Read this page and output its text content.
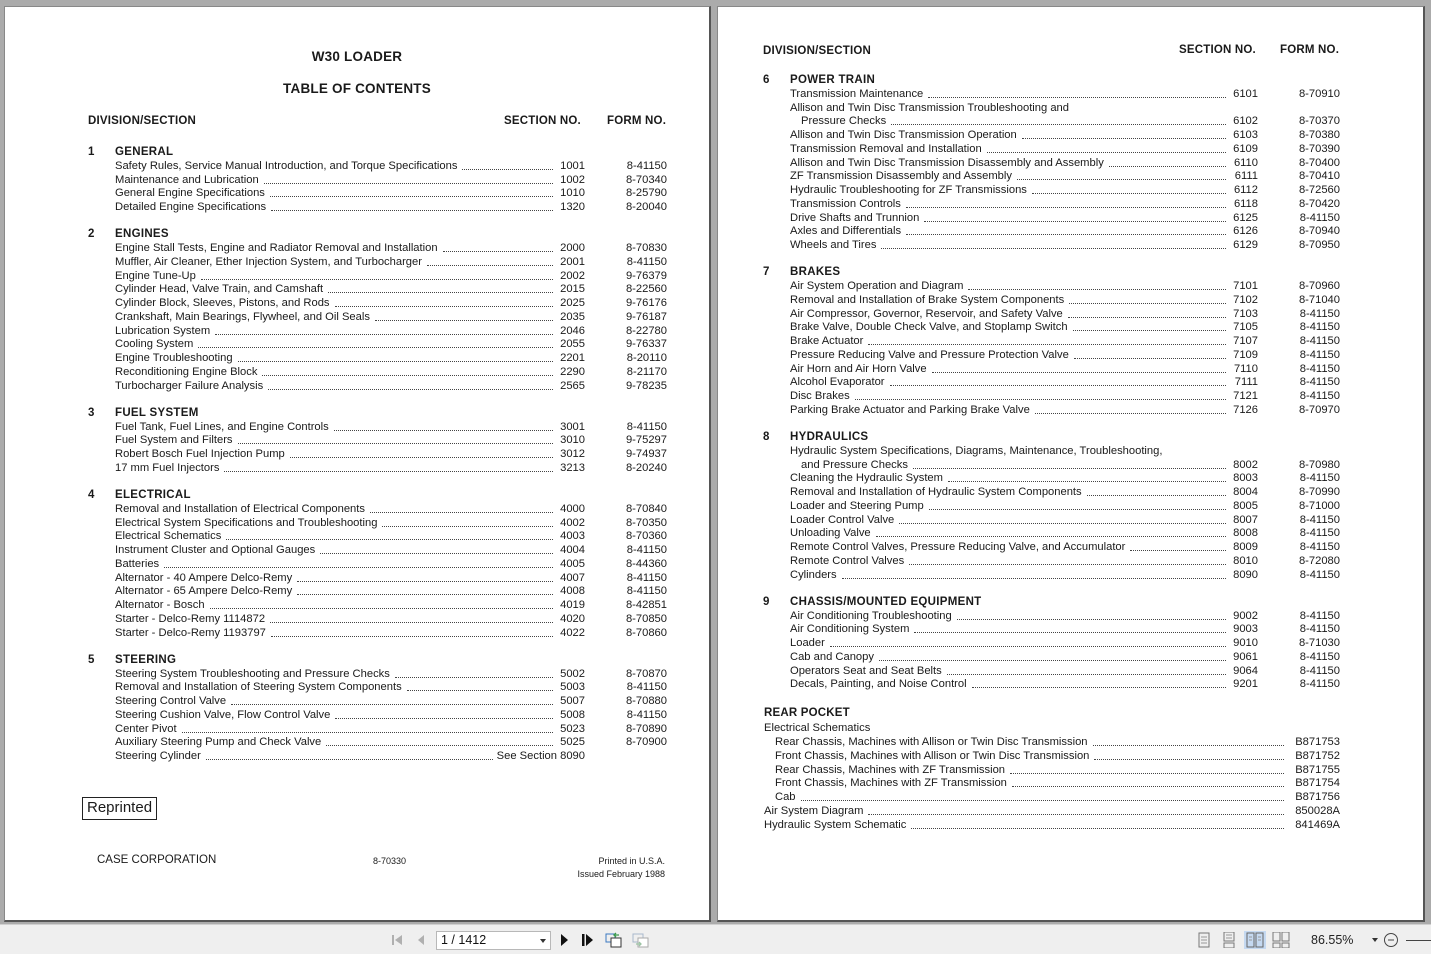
W30 LOADER
TABLE OF CONTENTS
DIVISION/SECTION	SECTION NO. FORM NO.
1 GENERAL
Safety Rules, Service Manual Introduction, and Torque Specifications	1001	8-41150
Maintenance and Lubrication	1002	8-70340
General Engine Specifications	1010	8-25790
Detailed Engine Specifications	1320	8-20040
2 ENGINES
Engine Stall Tests, Engine and Radiator Removal and Installation	2000	8-70830
Muffler, Air Cleaner, Ether Injection System, and Turbocharger	2001	8-41150
Engine Tune-Up	2002	9-76379
Cylinder Head, Valve Train, and Camshaft	2015	8-22560
Cylinder Block, Sleeves, Pistons, and Rods	2025	9-76176
Crankshaft, Main Bearings, Flywheel, and Oil Seals	2035	9-76187
Lubrication System	2046	8-22780
Cooling System	2055	9-76337
Engine Troubleshooting	2201	8-20110
Reconditioning Engine Block	2290	8-21170
Turbocharger Failure Analysis	2565	9-78235
3 FUEL SYSTEM
Fuel Tank, Fuel Lines, and Engine Controls	3001	8-41150
Fuel System and Filters	3010	9-75297
Robert Bosch Fuel Injection Pump	3012	9-74937
17 mm Fuel Injectors	3213	8-20240
4 ELECTRICAL
Removal and Installation of Electrical Components	4000	8-70840
Electrical System Specifications and Troubleshooting	4002	8-70350
Electrical Schematics	4003	8-70360
Instrument Cluster and Optional Gauges	4004	8-41150
Batteries	4005	8-44360
Alternator - 40 Ampere Delco-Remy	4007	8-41150
Alternator - 65 Ampere Delco-Remy	4008	8-41150
Alternator - Bosch	4019	8-42851
Starter - Delco-Remy 1114872	4020	8-70850
Starter - Delco-Remy 1193797	4022	8-70860
5 STEERING
Steering System Troubleshooting and Pressure Checks	5002	8-70870
Removal and Installation of Steering System Components	5003	8-41150
Steering Control Valve	5007	8-70880
Steering Cushion Valve, Flow Control Valve	5008	8-41150
Center Pivot	5023	8-70890
Auxiliary Steering Pump and Check Valve	5025	8-70900
Steering Cylinder	See Section 8090
Reprinted
CASE CORPORATION	8-70330	Printed in U.S.A.
Issued February 1988
DIVISION/SECTION	SECTION NO. FORM NO.
6 POWER TRAIN
Transmission Maintenance	6101	8-70910
Allison and Twin Disc Transmission Troubleshooting and
Pressure Checks	6102	8-70370
Allison and Twin Disc Transmission Operation	6103	8-70380
Transmission Removal and Installation	6109	8-70390
Allison and Twin Disc Transmission Disassembly and Assembly	6110	8-70400
ZF Transmission Disassembly and Assembly	6111	8-70410
Hydraulic Troubleshooting for ZF Transmissions	6112	8-72560
Transmission Controls	6118	8-70420
Drive Shafts and Trunnion	6125	8-41150
Axles and Differentials	6126	8-70940
Wheels and Tires	6129	8-70950
7 BRAKES
Air System Operation and Diagram	7101	8-70960
Removal and Installation of Brake System Components	7102	8-71040
Air Compressor, Governor, Reservoir, and Safety Valve	7103	8-41150
Brake Valve, Double Check Valve, and Stoplamp Switch	7105	8-41150
Brake Actuator	7107	8-41150
Pressure Reducing Valve and Pressure Protection Valve	7109	8-41150
Air Horn and Air Horn Valve	7110	8-41150
Alcohol Evaporator	7111	8-41150
Disc Brakes	7121	8-41150
Parking Brake Actuator and Parking Brake Valve	7126	8-70970
8 HYDRAULICS
Hydraulic System Specifications, Diagrams, Maintenance, Troubleshooting,
and Pressure Checks	8002	8-70980
Cleaning the Hydraulic System	8003	8-41150
Removal and Installation of Hydraulic System Components	8004	8-70990
Loader and Steering Pump	8005	8-71000
Loader Control Valve	8007	8-41150
Unloading Valve	8008	8-41150
Remote Control Valves, Pressure Reducing Valve, and Accumulator	8009	8-41150
Remote Control Valves	8010	8-72080
Cylinders	8090	8-41150
9 CHASSIS/MOUNTED EQUIPMENT
Air Conditioning Troubleshooting	9002	8-41150
Air Conditioning System	9003	8-41150
Loader	9010	8-71030
Cab and Canopy	9061	8-41150
Operators Seat and Seat Belts	9064	8-41150
Decals, Painting, and Noise Control	9201	8-41150
REAR POCKET
Electrical Schematics
Rear Chassis, Machines with Allison or Twin Disc Transmission	B871753
Front Chassis, Machines with Allison or Twin Disc Transmission	B871752
Rear Chassis, Machines with ZF Transmission	B871755
Front Chassis, Machines with ZF Transmission	B871754
Cab	B871756
Air System Diagram	850028A
Hydraulic System Schematic	841469A
1 / 1412	86.55%
